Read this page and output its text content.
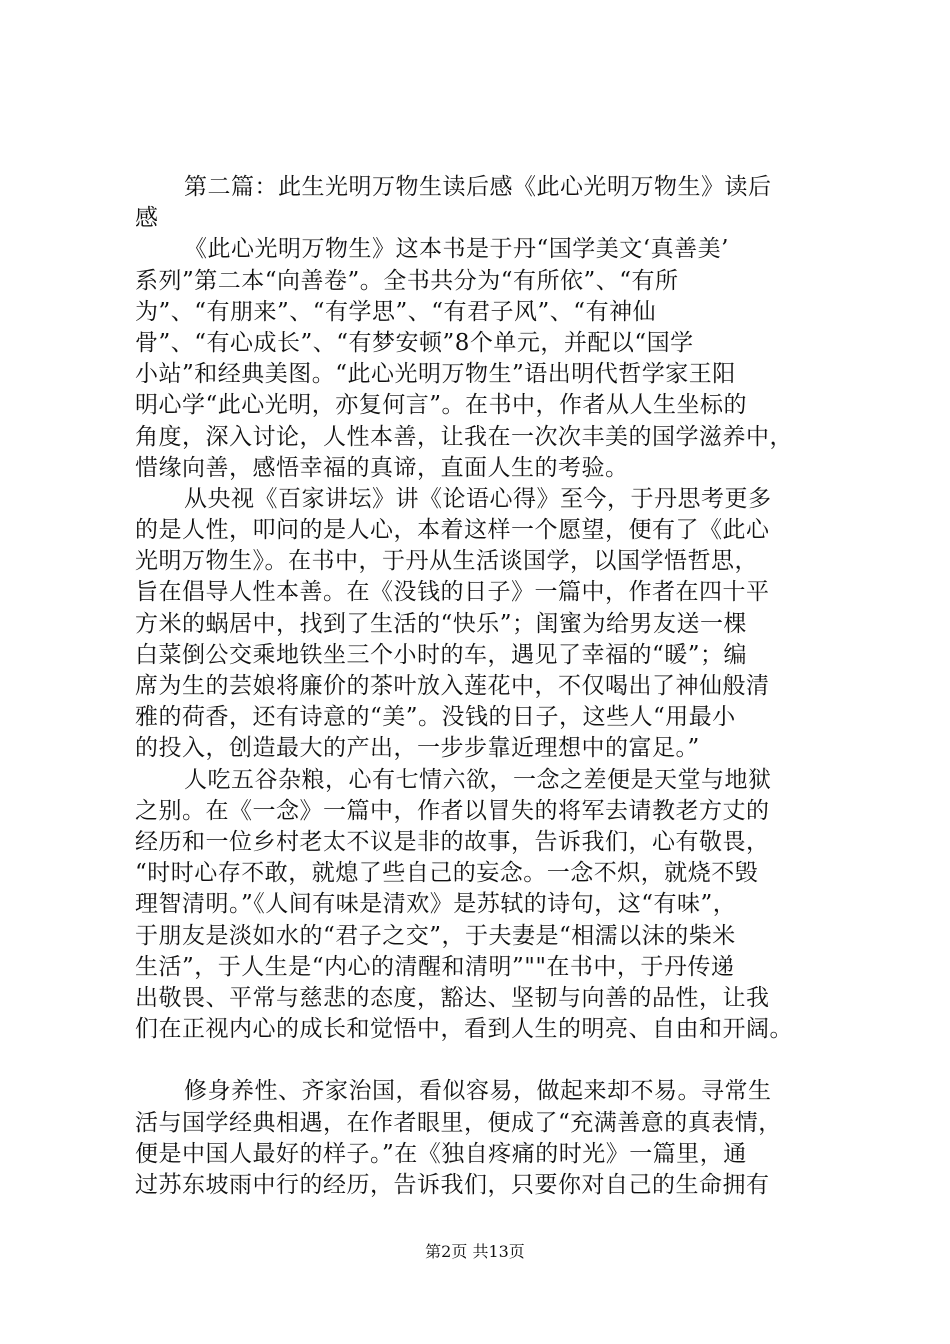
第二篇：此生光明万物生读后感《此心光明万物生》读后
感
《此心光明万物生》这本书是于丹“国学美文‘真善美’
系列”第二本“向善卷”。全书共分为“有所依”、“有所
为”、“有朋来”、“有学思”、“有君子风”、“有神仙
骨”、“有心成长”、“有梦安顿”8个单元，并配以“国学
小站”和经典美图。“此心光明万物生”语出明代哲学家王阳
明心学“此心光明，亦复何言”。在书中，作者从人生坐标的
角度，深入讨论，人性本善，让我在一次次丰美的国学滋养中，
惜缘向善，感悟幸福的真谛，直面人生的考验。
从央视《百家讲坛》讲《论语心得》至今，于丹思考更多
的是人性，叩问的是人心，本着这样一个愿望，便有了《此心
光明万物生》。在书中，于丹从生活谈国学，以国学悟哲思，
旨在倡导人性本善。在《没钱的日子》一篇中，作者在四十平
方米的蜗居中，找到了生活的“快乐”；闺蜜为给男友送一棵
白菜倒公交乘地铁坐三个小时的车，遇见了幸福的“暖”；编
席为生的芸娘将廉价的茶叶放入莲花中，不仅喝出了神仙般清
雅的荷香，还有诗意的“美”。没钱的日子，这些人“用最小
的投入，创造最大的产出，一步步靠近理想中的富足。”
人吃五谷杂粮，心有七情六欲，一念之差便是天堂与地狱
之别。在《一念》一篇中，作者以冒失的将军去请教老方丈的
经历和一位乡村老太不议是非的故事，告诉我们，心有敬畏，
“时时心存不敢，就熄了些自己的妄念。一念不炽，就烧不毁
理智清明。”《人间有味是清欢》是苏轼的诗句，这“有味”，
于朋友是淡如水的“君子之交”，于夫妻是“相濡以沫的柴米
生活”，于人生是“内心的清醒和清明”""在书中，于丹传递
出敬畏、平常与慈悲的态度，豁达、坚韧与向善的品性，让我
们在正视内心的成长和觉悟中，看到人生的明亮、自由和开阔。
修身养性、齐家治国，看似容易，做起来却不易。寻常生
活与国学经典相遇，在作者眼里，便成了“充满善意的真表情，
便是中国人最好的样子。”在《独自疼痛的时光》一篇里，通
过苏东坡雨中行的经历，告诉我们，只要你对自己的生命拥有
第2页 共13页
